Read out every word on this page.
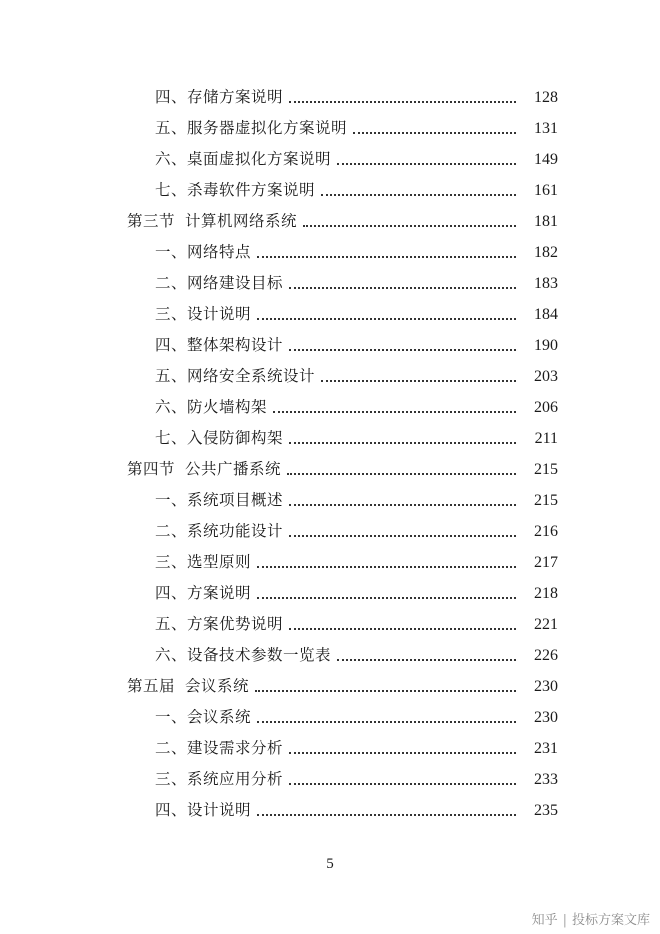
四、存储方案说明	128
五、服务器虚拟化方案说明	131
六、桌面虚拟化方案说明	149
七、杀毒软件方案说明	161
第三节 计算机网络系统	181
一、网络特点	182
二、网络建设目标	183
三、设计说明	184
四、整体架构设计	190
五、网络安全系统设计	203
六、防火墙构架	206
七、入侵防御构架	211
第四节 公共广播系统	215
一、系统项目概述	215
二、系统功能设计	216
三、选型原则	217
四、方案说明	218
五、方案优势说明	221
六、设备技术参数一览表	226
第五届 会议系统	230
一、会议系统	230
二、建设需求分析	231
三、系统应用分析	233
四、设计说明	235
5
知乎 | 投标方案文库
